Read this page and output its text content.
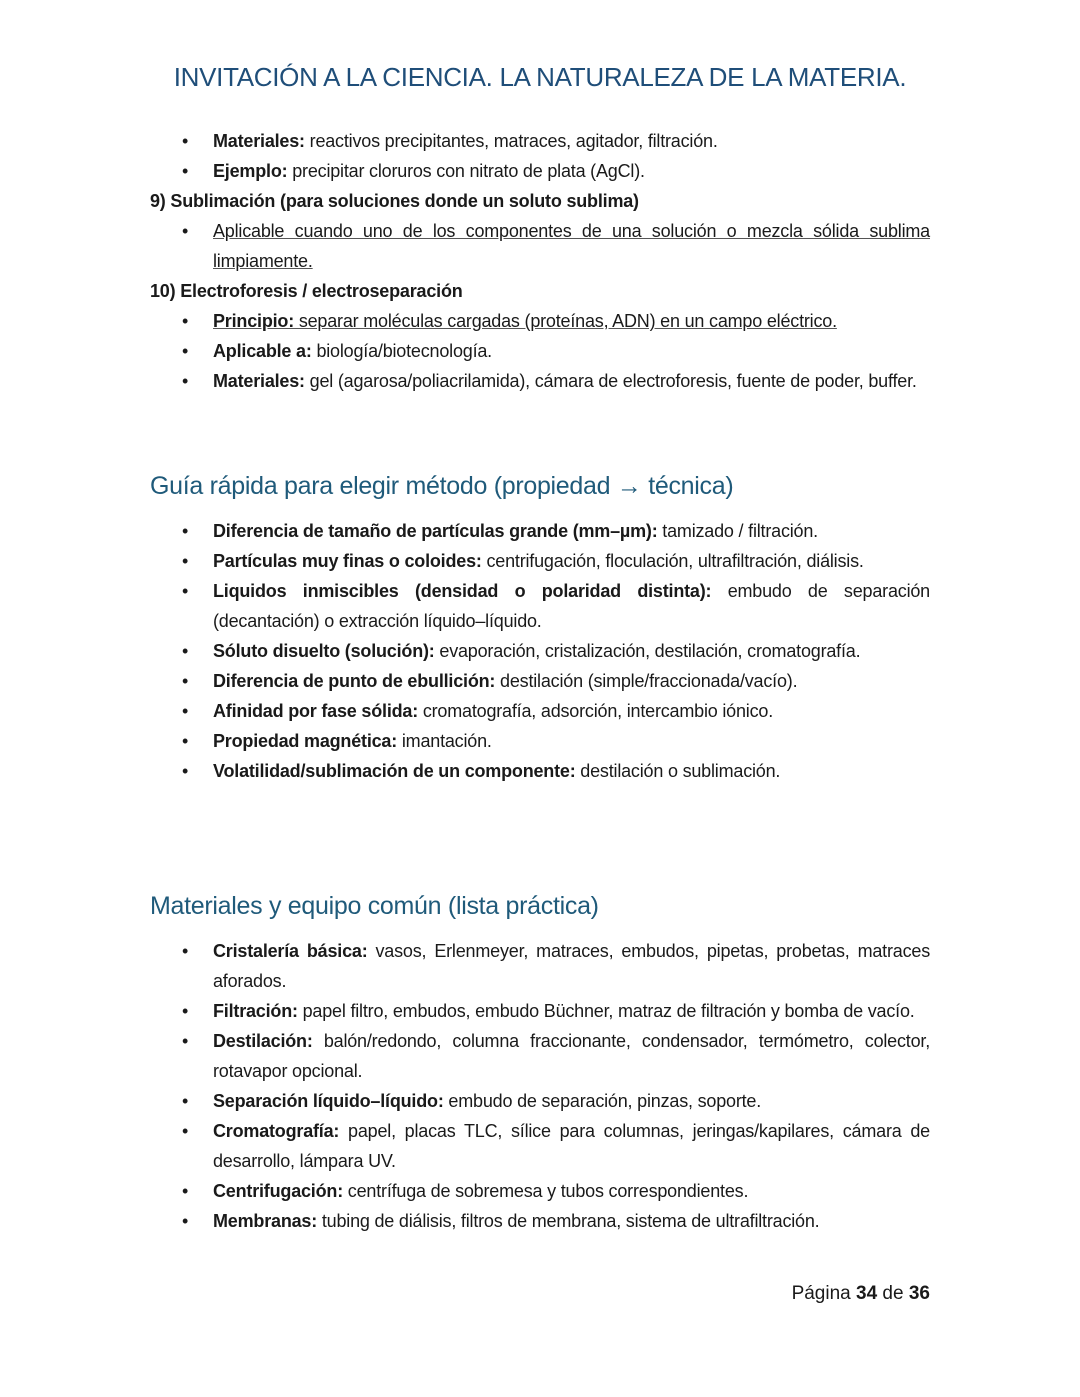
INVITACIÓN A LA CIENCIA. LA NATURALEZA DE LA MATERIA.
• Materiales: reactivos precipitantes, matraces, agitador, filtración.
• Ejemplo: precipitar cloruros con nitrato de plata (AgCl).

9) Sublimación (para soluciones donde un soluto sublima)

• Aplicable cuando uno de los componentes de una solución o mezcla sólida sublima limpiamente.

10) Electroforesis / electroseparación

• Principio: separar moléculas cargadas (proteínas, ADN) en un campo eléctrico.
• Aplicable a: biología/biotecnología.
• Materiales: gel (agarosa/poliacrilamida), cámara de electroforesis, fuente de poder, buffer.
Guía rápida para elegir método (propiedad → técnica)
• Diferencia de tamaño de partículas grande (mm–µm): tamizado / filtración.
• Partículas muy finas o coloides: centrifugación, floculación, ultrafiltración, diálisis.
• Liquidos inmiscibles (densidad o polaridad distinta): embudo de separación (decantación) o extracción líquido–líquido.
• Sóluto disuelto (solución): evaporación, cristalización, destilación, cromatografía.
• Diferencia de punto de ebullición: destilación (simple/fraccionada/vacío).
• Afinidad por fase sólida: cromatografía, adsorción, intercambio iónico.
• Propiedad magnética: imantación.
• Volatilidad/sublimación de un componente: destilación o sublimación.
Materiales y equipo común (lista práctica)
• Cristalería básica: vasos, Erlenmeyer, matraces, embudos, pipetas, probetas, matraces aforados.
• Filtración: papel filtro, embudos, embudo Büchner, matraz de filtración y bomba de vacío.
• Destilación: balón/redondo, columna fraccionante, condensador, termómetro, colector, rotavapor opcional.
• Separación líquido–líquido: embudo de separación, pinzas, soporte.
• Cromatografía: papel, placas TLC, sílice para columnas, jeringas/kapilares, cámara de desarrollo, lámpara UV.
• Centrifugación: centrífuga de sobremesa y tubos correspondientes.
• Membranas: tubing de diálisis, filtros de membrana, sistema de ultrafiltración.
Página 34 de 36
